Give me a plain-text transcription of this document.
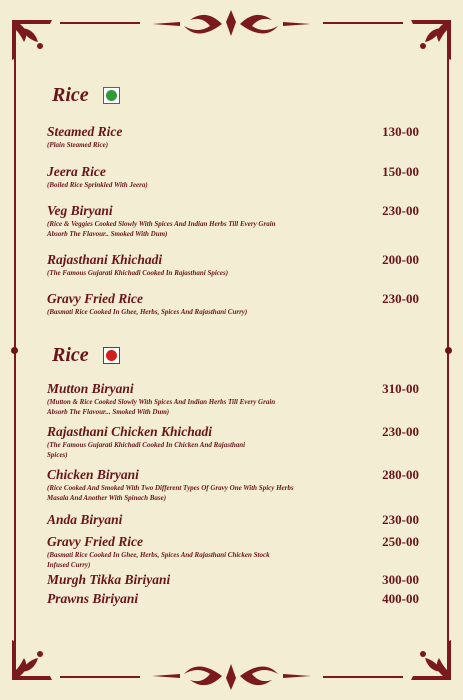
Rice
Steamed Rice
(Plain Steamed Rice)
130-00
Jeera Rice
(Boiled Rice Sprinkled With Jeera)
150-00
Veg Biryani
(Rice & Veggies Cooked Slowly With Spices And Indian Herbs Till Every Grain Absorb The Flavour.. Smoked With Dum)
230-00
Rajasthani Khichadi
(The Famous Gujarati Khichadi Cooked In Rajasthani Spices)
200-00
Gravy Fried Rice
(Basmati Rice Cooked In Ghee, Herbs, Spices And Rajasthani Curry)
230-00
Rice
Mutton Biryani
(Mutton & Rice Cooked Slowly With Spices And Indian Herbs Till Every Grain Absorb The Flavour... Smoked With Dum)
310-00
Rajasthani Chicken Khichadi
(The Famous Gujarati Khichadi Cooked In Chicken And Rajasthani Spices)
230-00
Chicken Biryani
(Rice Cooked And Smoked With Two Different Types Of Gravy One With Spicy Herbs Masala And Another With Spinach Base)
280-00
Anda Biryani	230-00
Gravy Fried Rice
(Basmati Rice Cooked In Ghee, Herbs, Spices And Rajasthani Chicken Stock Infused Curry)
250-00
Murgh Tikka Biriyani	300-00
Prawns Biriyani	400-00
